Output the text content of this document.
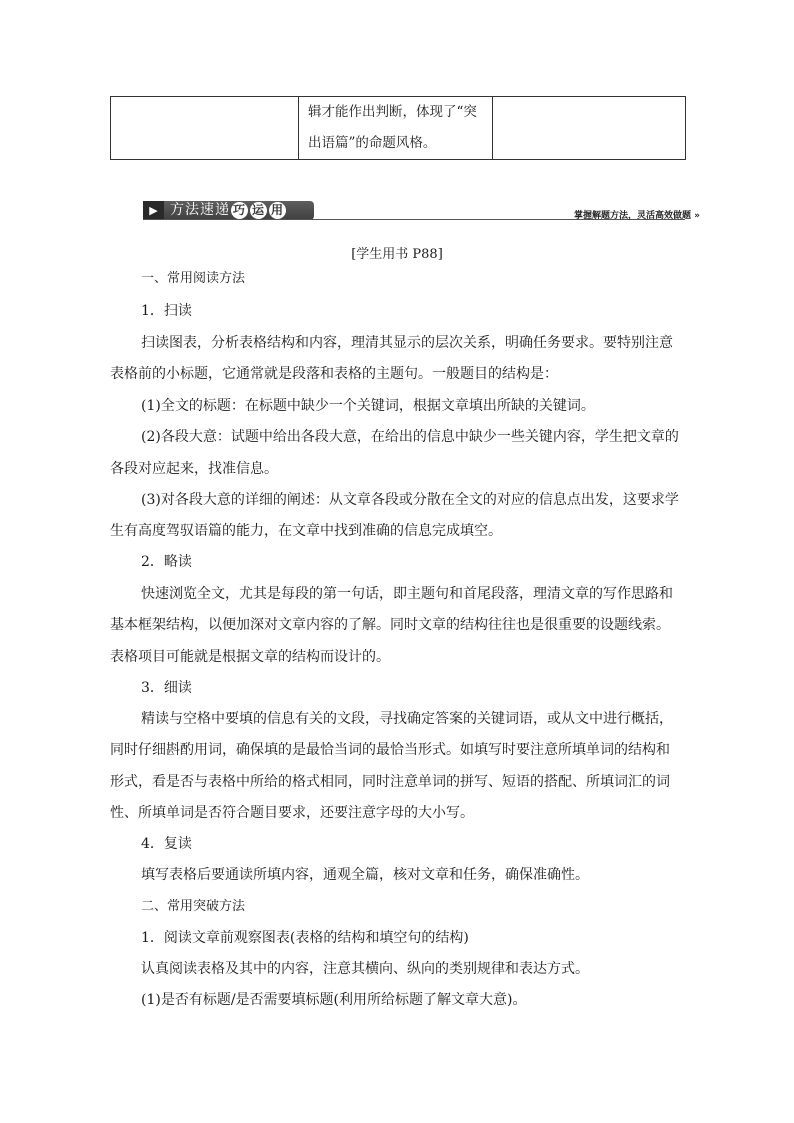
辑才能作出判断，体现了“突
出语篇”的命题风格。

▶ 方法速递 巧 运 用	掌握解题方法，灵活高效做题 »
[学生用书 P88]
一、常用阅读方法
1．扫读
扫读图表，分析表格结构和内容，理清其显示的层次关系，明确任务要求。要特别注意
表格前的小标题，它通常就是段落和表格的主题句。一般题目的结构是：
(1)全文的标题：在标题中缺少一个关键词，根据文章填出所缺的关键词。
(2)各段大意：试题中给出各段大意，在给出的信息中缺少一些关键内容，学生把文章的
各段对应起来，找准信息。
(3)对各段大意的详细的阐述：从文章各段或分散在全文的对应的信息点出发，这要求学
生有高度驾驭语篇的能力，在文章中找到准确的信息完成填空。
2．略读
快速浏览全文，尤其是每段的第一句话，即主题句和首尾段落，理清文章的写作思路和
基本框架结构，以便加深对文章内容的了解。同时文章的结构往往也是很重要的设题线索。
表格项目可能就是根据文章的结构而设计的。
3．细读
精读与空格中要填的信息有关的文段，寻找确定答案的关键词语，或从文中进行概括，
同时仔细斟酌用词，确保填的是最恰当词的最恰当形式。如填写时要注意所填单词的结构和
形式，看是否与表格中所给的格式相同，同时注意单词的拼写、短语的搭配、所填词汇的词
性、所填单词是否符合题目要求，还要注意字母的大小写。
4．复读
填写表格后要通读所填内容，通观全篇，核对文章和任务，确保准确性。
二、常用突破方法
1．阅读文章前观察图表(表格的结构和填空句的结构)
认真阅读表格及其中的内容，注意其横向、纵向的类别规律和表达方式。
(1)是否有标题/是否需要填标题(利用所给标题了解文章大意)。
